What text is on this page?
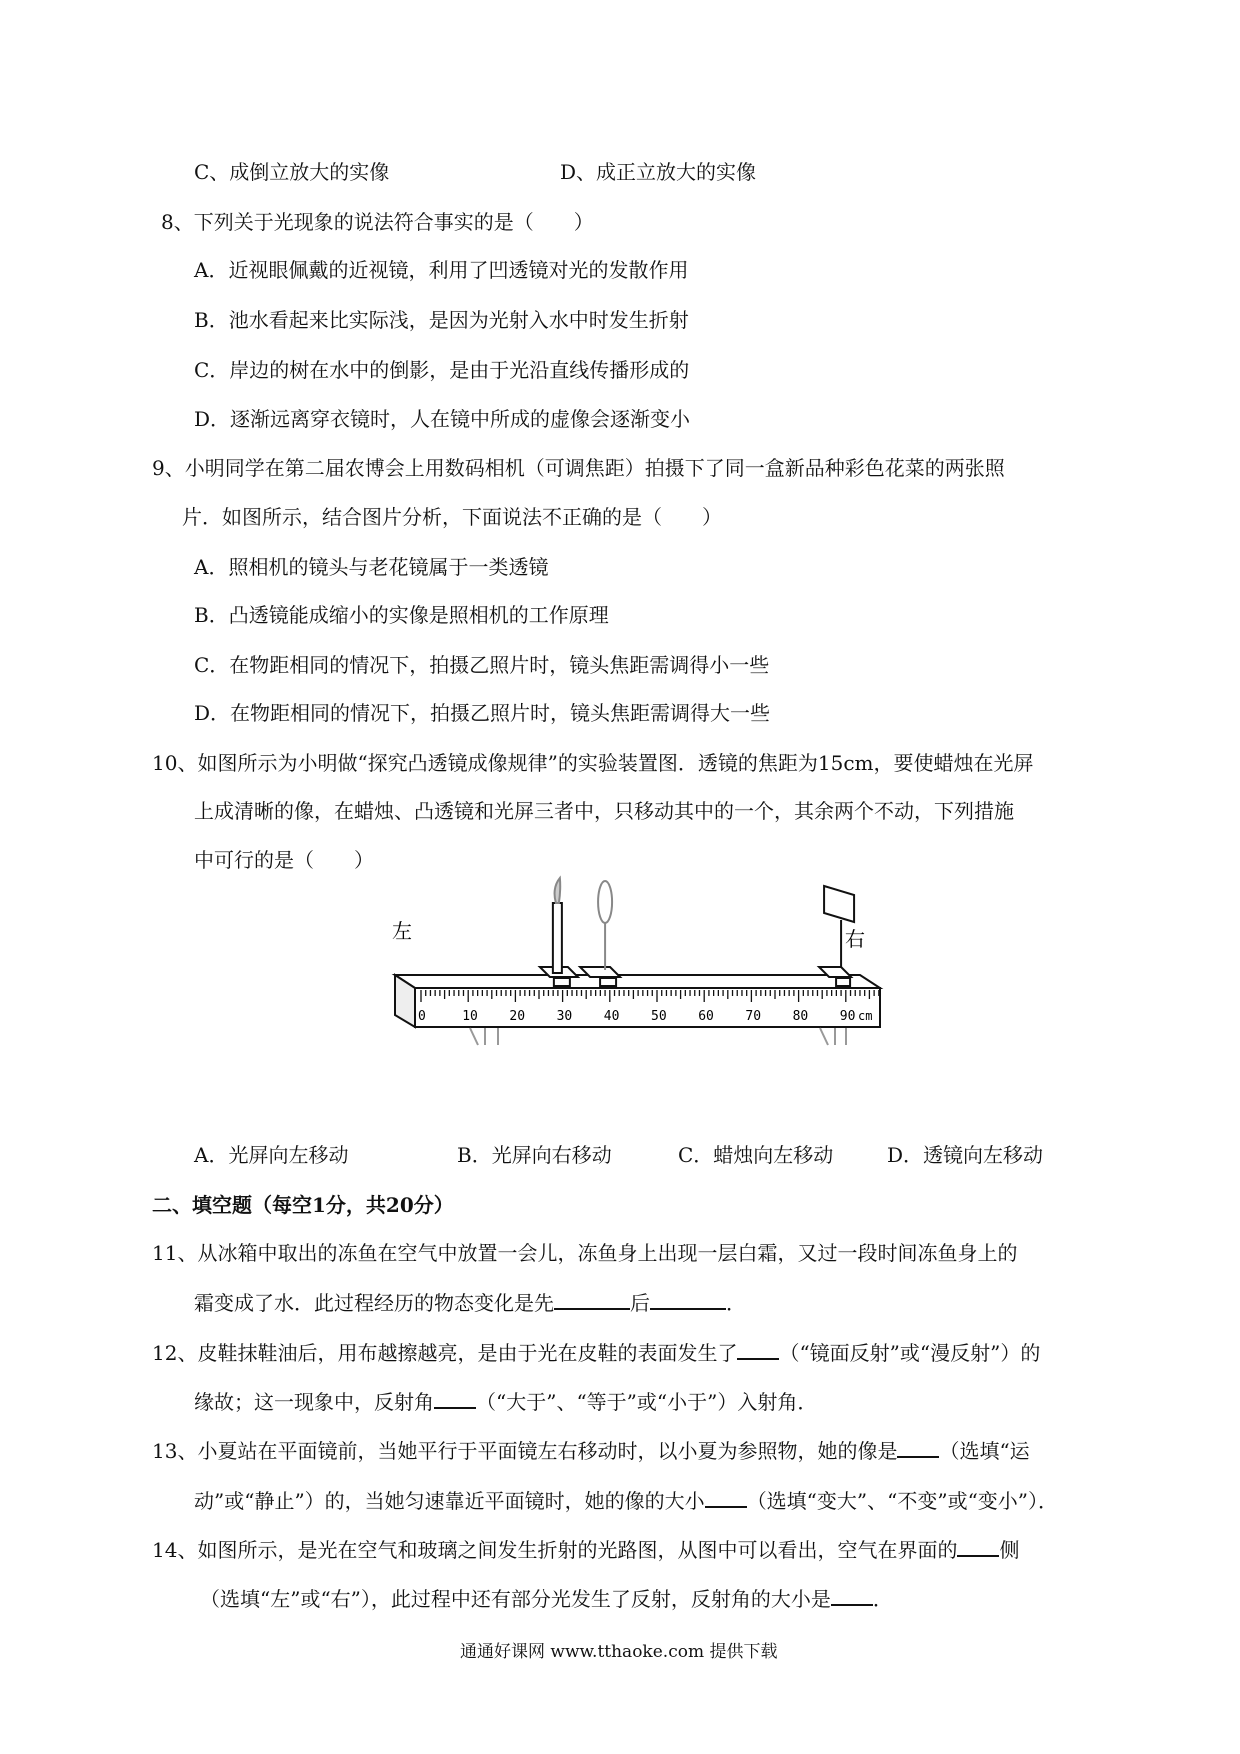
C、成倒立放大的实像	D、成正立放大的实像
8、下列关于光现象的说法符合事实的是（　　）
A．近视眼佩戴的近视镜，利用了凹透镜对光的发散作用
B．池水看起来比实际浅，是因为光射入水中时发生折射
C．岸边的树在水中的倒影，是由于光沿直线传播形成的
D．逐渐远离穿衣镜时，人在镜中所成的虚像会逐渐变小
9、小明同学在第二届农博会上用数码相机（可调焦距）拍摄下了同一盒新品种彩色花菜的两张照
片．如图所示，结合图片分析，下面说法不正确的是（　　）
A．照相机的镜头与老花镜属于一类透镜
B．凸透镜能成缩小的实像是照相机的工作原理
C．在物距相同的情况下，拍摄乙照片时，镜头焦距需调得小一些
D．在物距相同的情况下，拍摄乙照片时，镜头焦距需调得大一些
10、如图所示为小明做“探究凸透镜成像规律”的实验装置图．透镜的焦距为15cm，要使蜡烛在光屏
上成清晰的像，在蜡烛、凸透镜和光屏三者中，只移动其中的一个，其余两个不动，下列措施
中可行的是（　　）
左	右
0	10 20 30 40 50 60 70 80 90 cm
A．光屏向左移动	B．光屏向右移动	C．蜡烛向左移动	D．透镜向左移动
二、填空题（每空1分，共20分）
11、从冰箱中取出的冻鱼在空气中放置一会儿，冻鱼身上出现一层白霜，又过一段时间冻鱼身上的
霜变成了水．此过程经历的物态变化是先	后	．
12、皮鞋抹鞋油后，用布越擦越亮，是由于光在皮鞋的表面发生了 （“镜面反射”或“漫反射”）的
缘故；这一现象中，反射角 （“大于”、“等于”或“小于”）入射角．
13、小夏站在平面镜前，当她平行于平面镜左右移动时，以小夏为参照物，她的像是 （选填“运
动”或“静止”）的，当她匀速靠近平面镜时，她的像的大小 （选填“变大”、“不变”或“变小”）．
14、如图所示，是光在空气和玻璃之间发生折射的光路图，从图中可以看出，空气在界面的 侧
（选填“左”或“右”），此过程中还有部分光发生了反射，反射角的大小是 ．
通通好课网 www.tthaoke.com 提供下载
